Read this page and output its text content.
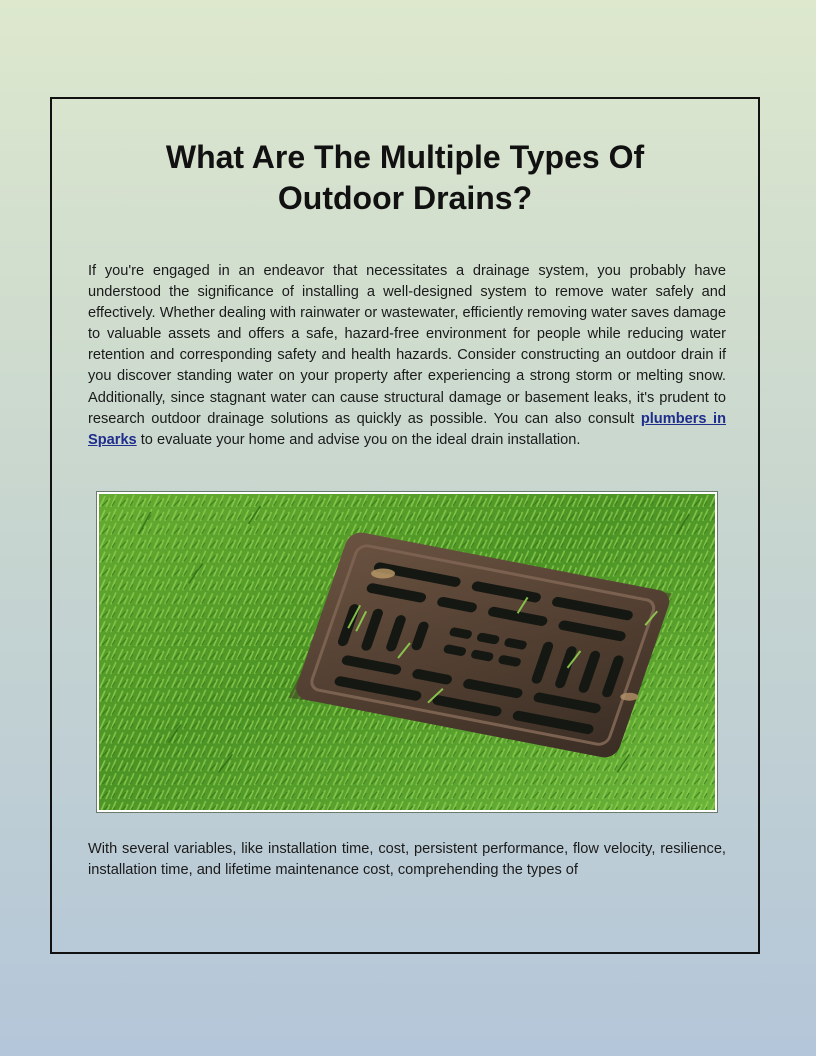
What Are The Multiple Types Of Outdoor Drains?

If you're engaged in an endeavor that necessitates a drainage system, you probably have understood the significance of installing a well-designed system to remove water safely and effectively. Whether dealing with rainwater or wastewater, efficiently removing water saves damage to valuable assets and offers a safe, hazard-free environment for people while reducing water retention and corresponding safety and health hazards. Consider constructing an outdoor drain if you discover standing water on your property after experiencing a strong storm or melting snow. Additionally, since stagnant water can cause structural damage or basement leaks, it's prudent to research outdoor drainage solutions as quickly as possible. You can also consult plumbers in Sparks to evaluate your home and advise you on the ideal drain installation.

With several variables, like installation time, cost, persistent performance, flow velocity, resilience, installation time, and lifetime maintenance cost, comprehending the types of
